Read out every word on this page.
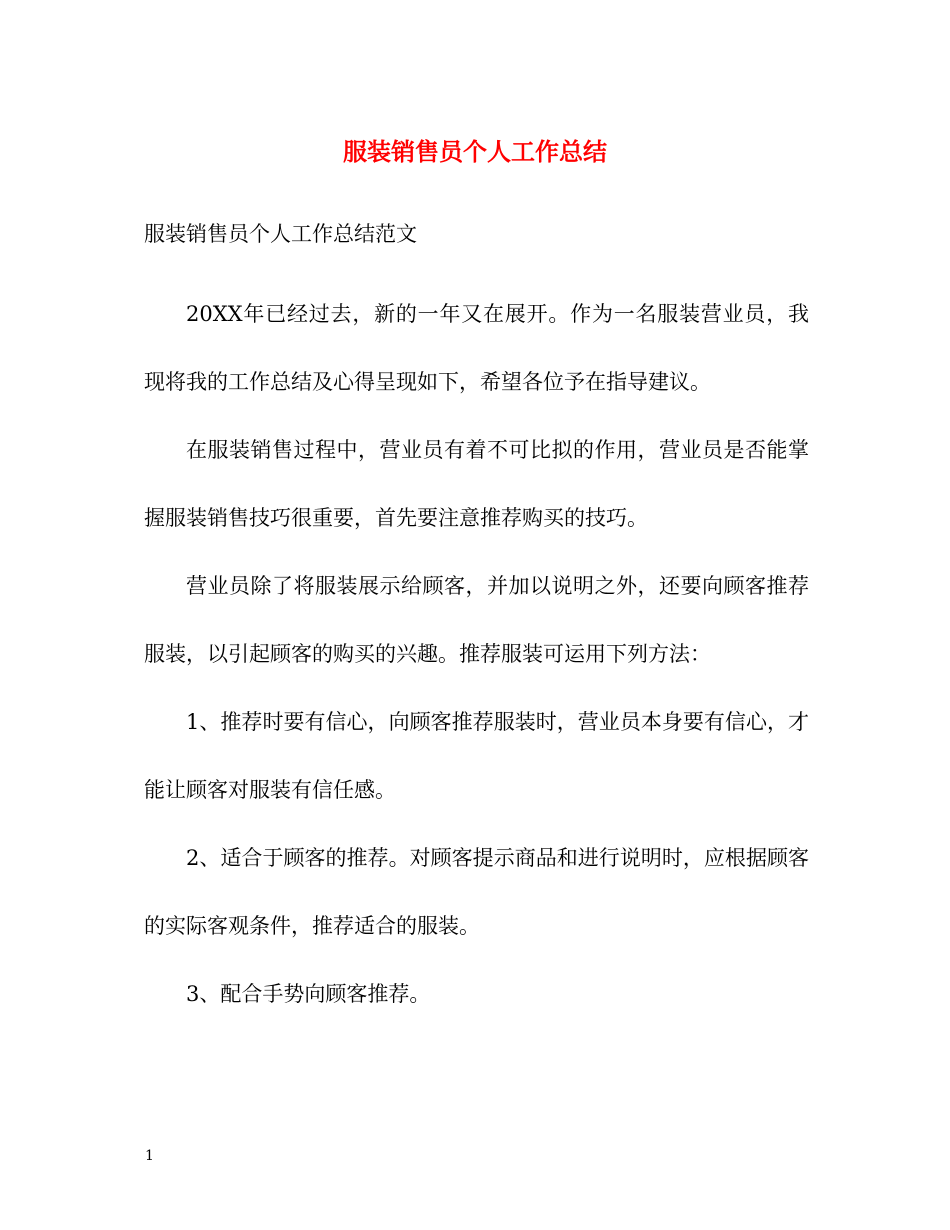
服装销售员个人工作总结

服装销售员个人工作总结范文

20XX年已经过去，新的一年又在展开。作为一名服装营业员，我现将我的工作总结及心得呈现如下，希望各位予在指导建议。

在服装销售过程中，营业员有着不可比拟的作用，营业员是否能掌握服装销售技巧很重要，首先要注意推荐购买的技巧。

营业员除了将服装展示给顾客，并加以说明之外，还要向顾客推荐服装，以引起顾客的购买的兴趣。推荐服装可运用下列方法：

1、推荐时要有信心，向顾客推荐服装时，营业员本身要有信心，才能让顾客对服装有信任感。

2、适合于顾客的推荐。对顾客提示商品和进行说明时，应根据顾客的实际客观条件，推荐适合的服装。

3、配合手势向顾客推荐。

1
